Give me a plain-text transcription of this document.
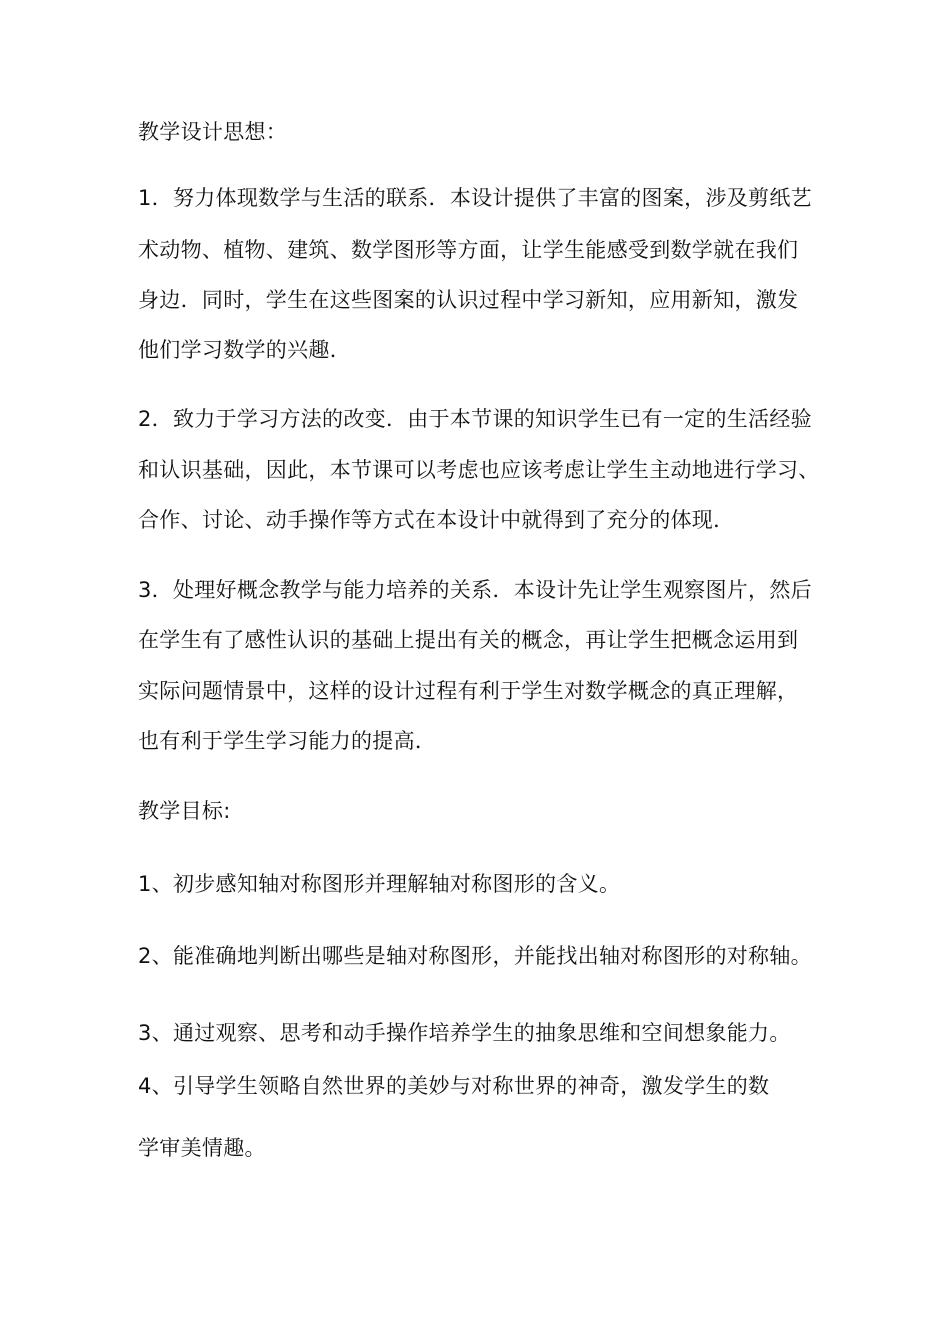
教学设计思想：
1．努力体现数学与生活的联系．本设计提供了丰富的图案，涉及剪纸艺
术动物、植物、建筑、数学图形等方面，让学生能感受到数学就在我们
身边．同时，学生在这些图案的认识过程中学习新知，应用新知，激发
他们学习数学的兴趣．
2．致力于学习方法的改变．由于本节课的知识学生已有一定的生活经验
和认识基础，因此，本节课可以考虑也应该考虑让学生主动地进行学习、
合作、讨论、动手操作等方式在本设计中就得到了充分的体现．
3．处理好概念教学与能力培养的关系．本设计先让学生观察图片，然后
在学生有了感性认识的基础上提出有关的概念，再让学生把概念运用到
实际问题情景中，这样的设计过程有利于学生对数学概念的真正理解，
也有利于学生学习能力的提高．
教学目标:
1、初步感知轴对称图形并理解轴对称图形的含义。
2、能准确地判断出哪些是轴对称图形，并能找出轴对称图形的对称轴。
3、通过观察、思考和动手操作培养学生的抽象思维和空间想象能力。
4、引导学生领略自然世界的美妙与对称世界的神奇，激发学生的数
学审美情趣。
